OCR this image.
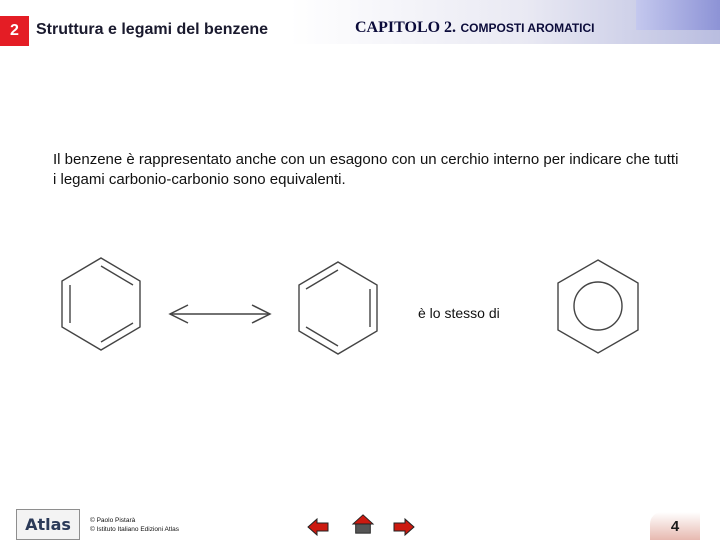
2	Struttura e legami del benzene	CAPITOLO 2. COMPOSTI AROMATICI
Il benzene è rappresentato anche con un esagono con un cerchio interno per indicare che tutti i legami carbonio-carbonio sono equivalenti.
è lo stesso di
Atlas	© Paolo Pistarà
© Istituto Italiano Edizioni Atlas	4
